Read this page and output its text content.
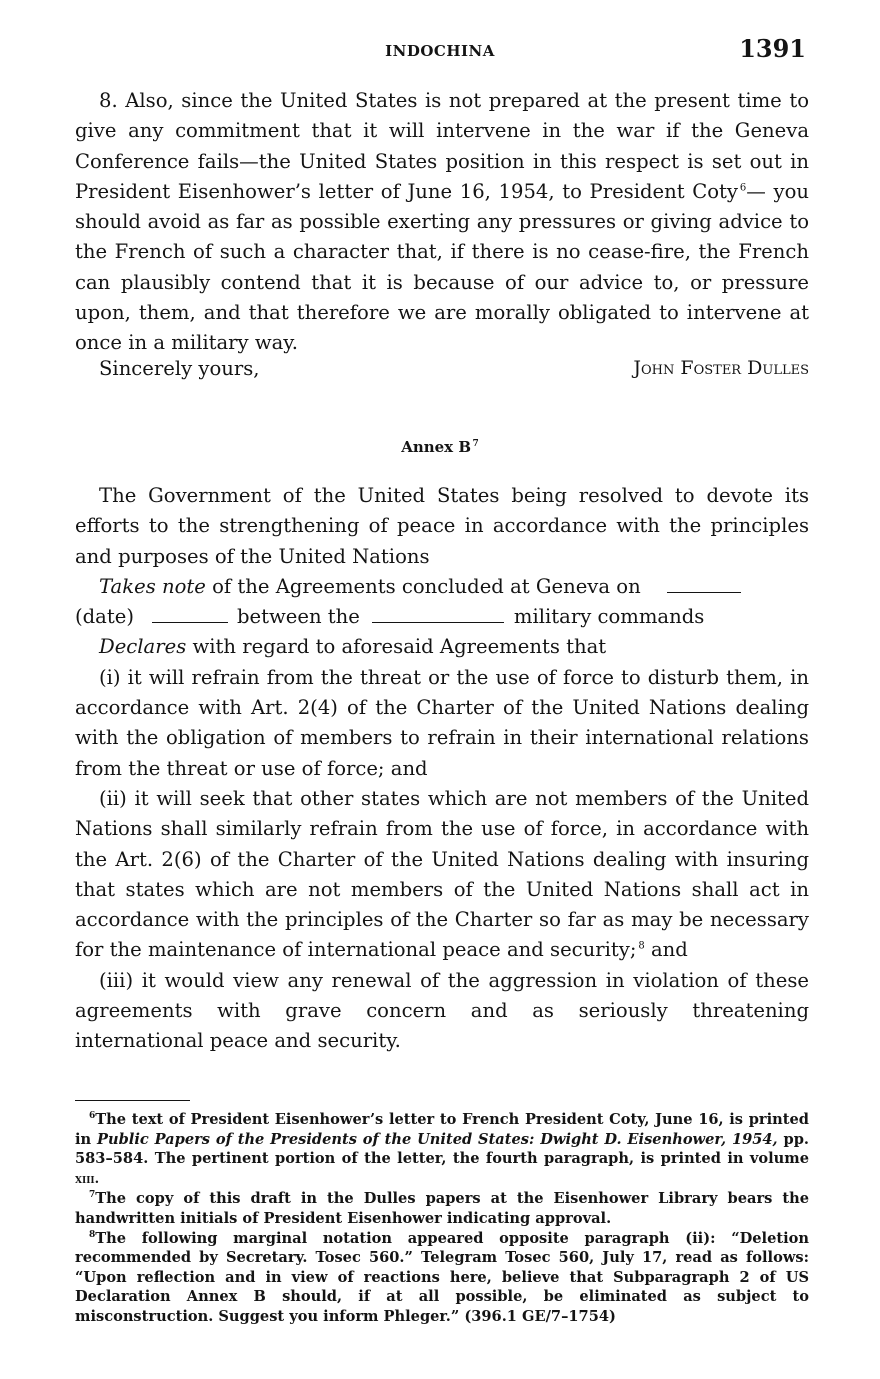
INDOCHINA	1391

8. Also, since the United States is not prepared at the present time to give any commitment that it will intervene in the war if the Geneva Conference fails—the United States position in this respect is set out in President Eisenhower’s letter of June 16, 1954, to President Coty  $^6$— you should avoid as far as possible exerting any pressures or giving advice to the French of such a character that, if there is no cease-fire, the French can plausibly contend that it is because of our advice to, or pressure upon, them, and that therefore we are morally obligated to intervene at once in a military way.

Sincerely yours,	John Foster Dulles
Annex B  $^7$

The Government of the United States being resolved to devote its efforts to the strengthening of peace in accordance with the principles and purposes of the United Nations

Takes note of the Agreements concluded at Geneva on

(date)	between the	military commands

Declares with regard to aforesaid Agreements that

(i) it will refrain from the threat or the use of force to disturb them, in accordance with Art. 2(4) of the Charter of the United Nations dealing with the obligation of members to refrain in their international relations from the threat or use of force; and

(ii) it will seek that other states which are not members of the United Nations shall similarly refrain from the use of force, in accordance with the Art. 2(6) of the Charter of the United Nations dealing with insuring that states which are not members of the United Nations shall act in accordance with the principles of the Charter so far as may be necessary for the maintenance of international peace and security;  $^8$ and

(iii) it would view any renewal of the aggression in violation of these agreements with grave concern and as seriously threatening international peace and security.

$^6$The text of President Eisenhower’s letter to French President Coty, June 16, is printed in Public Papers of the Presidents of the United States: Dwight D. Eisenhower, 1954, pp. 583–584. The pertinent portion of the letter, the fourth paragraph, is printed in volume xiii.

$^7$The copy of this draft in the Dulles papers at the Eisenhower Library bears the handwritten initials of President Eisenhower indicating approval.

$^8$The following marginal notation appeared opposite paragraph (ii): “Deletion recommended by Secretary. Tosec 560.” Telegram Tosec 560, July 17, read as follows: “Upon reflection and in view of reactions here, believe that Subparagraph 2 of US Declaration Annex B should, if at all possible, be eliminated as subject to misconstruction. Suggest you inform Phleger.” (396.1 GE/7–1754)
